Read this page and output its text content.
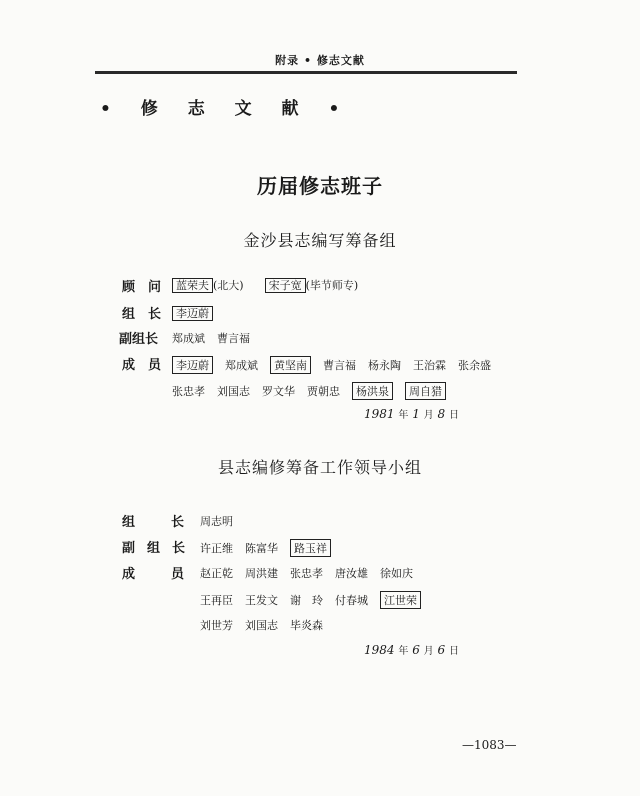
附录 • 修志文献
• 修 志 文 献 •
历届修志班子
金沙县志编写筹备组
顾　问	蓝荣夫 (北大) 宋子宽 (毕节师专)
组　长	李迈蔚
副组长 郑成斌 曹言福
成　员	李迈蔚	郑成斌	黄坚南	曹言福 杨永陶 王治霖 张余盛
张忠孝 刘国志 罗文华 贾朝忠	杨洪泉	周自猎
1981 年 1 月 8 日
县志编修筹备工作领导小组
组	长 周志明
副 组 长 许正维 陈富华	路玉祥
成	员 赵正乾 周洪建 张忠孝 唐汝雄 徐如庆
王再臣 王发文 谢　玲 付春城	江世荣
刘世芳 刘国志 毕炎森
1984 年 6 月 6 日
—1083—
